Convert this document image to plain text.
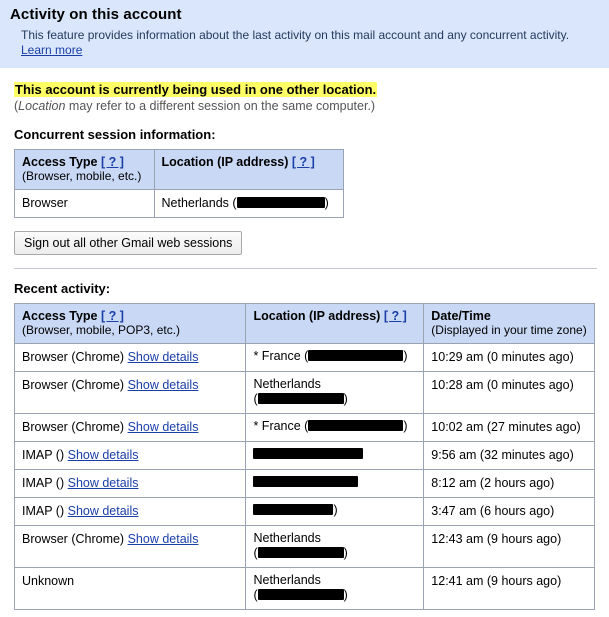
Activity on this account
This feature provides information about the last activity on this mail account and any concurrent activity. Learn more
This account is currently being used in one other location.
(Location may refer to a different session on the same computer.)
Concurrent session information:
Access Type [ ? ]
(Browser, mobile, etc.)	Location (IP address) [ ? ]

Browser	Netherlands ( )
Sign out all other Gmail web sessions
Recent activity:
Access Type [ ? ]
(Browser, mobile, POP3, etc.)	Location (IP address) [ ? ]	Date/Time
(Displayed in your time zone)

Browser (Chrome) Show details	* France ( )	10:29 am (0 minutes ago)
Browser (Chrome) Show details	Netherlands
( )	10:28 am (0 minutes ago)
Browser (Chrome) Show details	* France ( )	10:02 am (27 minutes ago)
IMAP () Show details		9:56 am (32 minutes ago)
IMAP () Show details		8:12 am (2 hours ago)
IMAP () Show details	)	3:47 am (6 hours ago)
Browser (Chrome) Show details	Netherlands
( )	12:43 am (9 hours ago)
Unknown	Netherlands
( )	12:41 am (9 hours ago)
